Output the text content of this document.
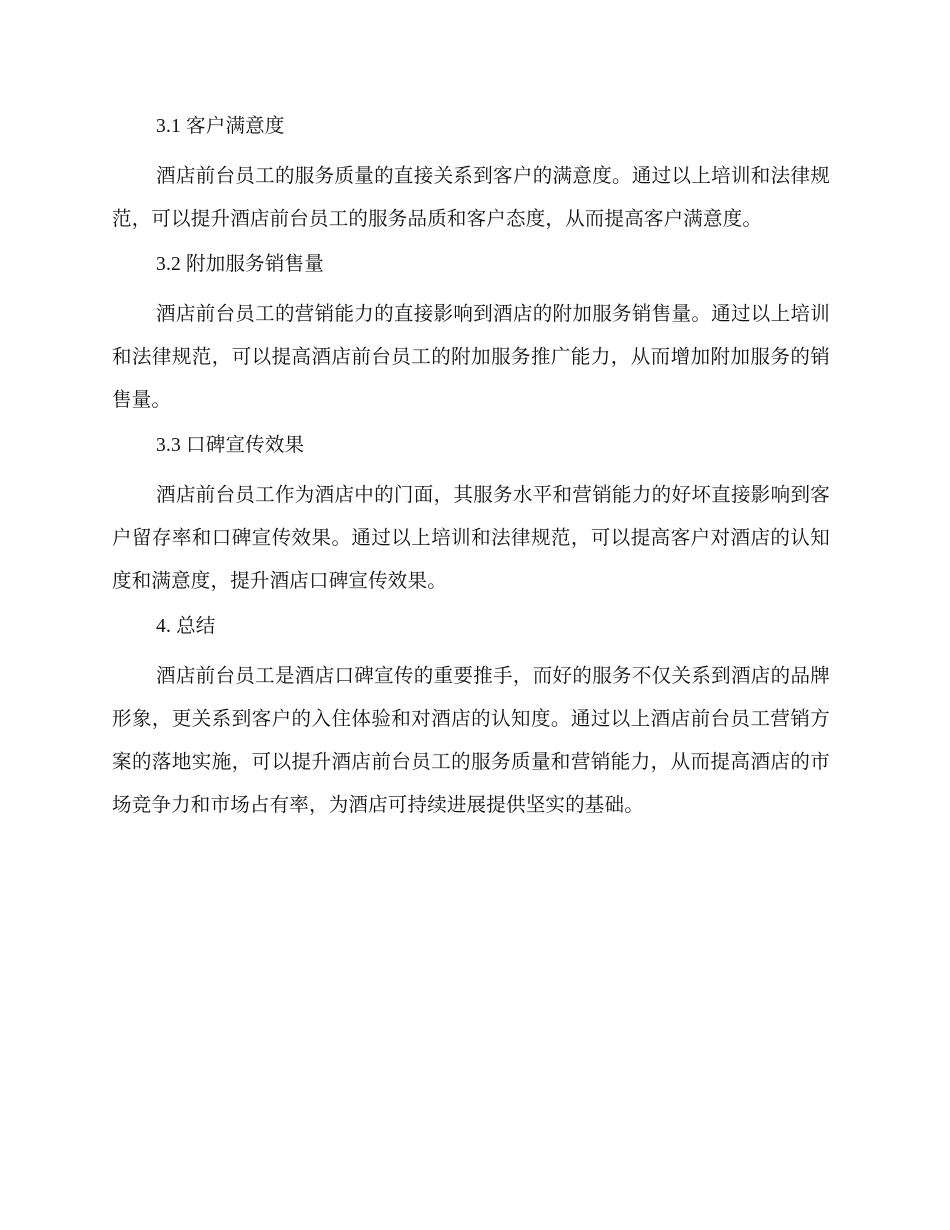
3.1 客户满意度

酒店前台员工的服务质量的直接关系到客户的满意度。通过以上培训和法律规范，可以提升酒店前台员工的服务品质和客户态度，从而提高客户满意度。

3.2 附加服务销售量

酒店前台员工的营销能力的直接影响到酒店的附加服务销售量。通过以上培训和法律规范，可以提高酒店前台员工的附加服务推广能力，从而增加附加服务的销售量。

3.3 口碑宣传效果

酒店前台员工作为酒店中的门面，其服务水平和营销能力的好坏直接影响到客户留存率和口碑宣传效果。通过以上培训和法律规范，可以提高客户对酒店的认知度和满意度，提升酒店口碑宣传效果。

4. 总结

酒店前台员工是酒店口碑宣传的重要推手，而好的服务不仅关系到酒店的品牌形象，更关系到客户的入住体验和对酒店的认知度。通过以上酒店前台员工营销方案的落地实施，可以提升酒店前台员工的服务质量和营销能力，从而提高酒店的市场竞争力和市场占有率，为酒店可持续进展提供坚实的基础。
